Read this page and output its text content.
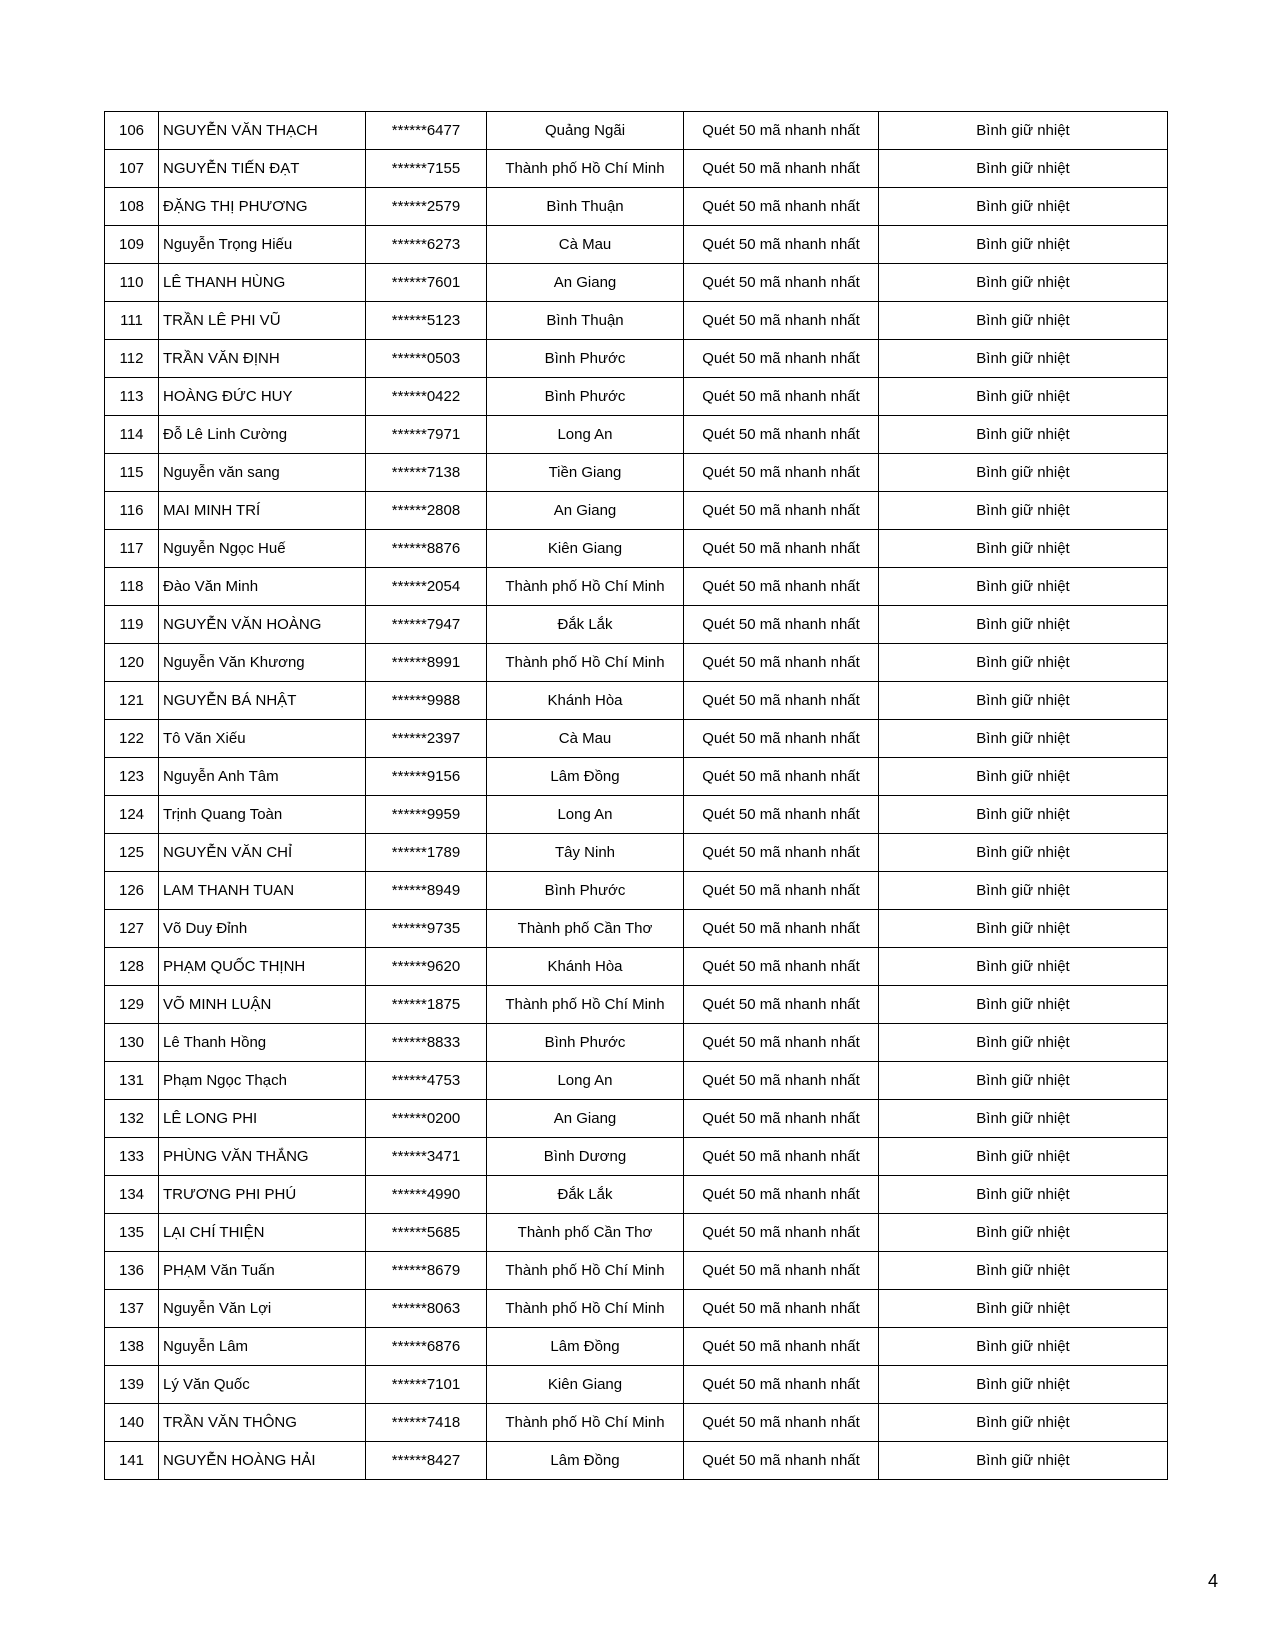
106	NGUYỄN VĂN THẠCH	******6477	Quảng Ngãi	Quét 50 mã nhanh nhất	Bình giữ nhiệt
107	NGUYỄN TIẾN ĐẠT	******7155	Thành phố Hồ Chí Minh	Quét 50 mã nhanh nhất	Bình giữ nhiệt
108	ĐẶNG THỊ PHƯƠNG	******2579	Bình Thuận	Quét 50 mã nhanh nhất	Bình giữ nhiệt
109	Nguyễn Trọng Hiếu	******6273	Cà Mau	Quét 50 mã nhanh nhất	Bình giữ nhiệt
110	LÊ THANH HÙNG	******7601	An Giang	Quét 50 mã nhanh nhất	Bình giữ nhiệt
111	TRẦN LÊ PHI VŨ	******5123	Bình Thuận	Quét 50 mã nhanh nhất	Bình giữ nhiệt
112	TRẦN VĂN ĐỊNH	******0503	Bình Phước	Quét 50 mã nhanh nhất	Bình giữ nhiệt
113	HOÀNG ĐỨC HUY	******0422	Bình Phước	Quét 50 mã nhanh nhất	Bình giữ nhiệt
114	Đỗ Lê Linh Cường	******7971	Long An	Quét 50 mã nhanh nhất	Bình giữ nhiệt
115	Nguyễn văn sang	******7138	Tiền Giang	Quét 50 mã nhanh nhất	Bình giữ nhiệt
116	MAI MINH TRÍ	******2808	An Giang	Quét 50 mã nhanh nhất	Bình giữ nhiệt
117	Nguyễn Ngọc Huế	******8876	Kiên Giang	Quét 50 mã nhanh nhất	Bình giữ nhiệt
118	Đào Văn Minh	******2054	Thành phố Hồ Chí Minh	Quét 50 mã nhanh nhất	Bình giữ nhiệt
119	NGUYỄN VĂN HOÀNG	******7947	Đắk Lắk	Quét 50 mã nhanh nhất	Bình giữ nhiệt
120	Nguyễn Văn Khương	******8991	Thành phố Hồ Chí Minh	Quét 50 mã nhanh nhất	Bình giữ nhiệt
121	NGUYỄN BÁ NHẬT	******9988	Khánh Hòa	Quét 50 mã nhanh nhất	Bình giữ nhiệt
122	Tô Văn Xiếu	******2397	Cà Mau	Quét 50 mã nhanh nhất	Bình giữ nhiệt
123	Nguyễn Anh Tâm	******9156	Lâm Đồng	Quét 50 mã nhanh nhất	Bình giữ nhiệt
124	Trịnh Quang Toàn	******9959	Long An	Quét 50 mã nhanh nhất	Bình giữ nhiệt
125	NGUYỄN VĂN CHỈ	******1789	Tây Ninh	Quét 50 mã nhanh nhất	Bình giữ nhiệt
126	LAM THANH TUAN	******8949	Bình Phước	Quét 50 mã nhanh nhất	Bình giữ nhiệt
127	Võ Duy Đỉnh	******9735	Thành phố Cần Thơ	Quét 50 mã nhanh nhất	Bình giữ nhiệt
128	PHẠM QUỐC THỊNH	******9620	Khánh Hòa	Quét 50 mã nhanh nhất	Bình giữ nhiệt
129	VÕ MINH LUẬN	******1875	Thành phố Hồ Chí Minh	Quét 50 mã nhanh nhất	Bình giữ nhiệt
130	Lê Thanh Hồng	******8833	Bình Phước	Quét 50 mã nhanh nhất	Bình giữ nhiệt
131	Phạm Ngọc Thạch	******4753	Long An	Quét 50 mã nhanh nhất	Bình giữ nhiệt
132	LÊ LONG PHI	******0200	An Giang	Quét 50 mã nhanh nhất	Bình giữ nhiệt
133	PHÙNG VĂN THẮNG	******3471	Bình Dương	Quét 50 mã nhanh nhất	Bình giữ nhiệt
134	TRƯƠNG PHI PHÚ	******4990	Đắk Lắk	Quét 50 mã nhanh nhất	Bình giữ nhiệt
135	LẠI CHÍ THIỆN	******5685	Thành phố Cần Thơ	Quét 50 mã nhanh nhất	Bình giữ nhiệt
136	PHẠM Văn Tuấn	******8679	Thành phố Hồ Chí Minh	Quét 50 mã nhanh nhất	Bình giữ nhiệt
137	Nguyễn Văn Lợi	******8063	Thành phố Hồ Chí Minh	Quét 50 mã nhanh nhất	Bình giữ nhiệt
138	Nguyễn Lâm	******6876	Lâm Đồng	Quét 50 mã nhanh nhất	Bình giữ nhiệt
139	Lý Văn Quốc	******7101	Kiên Giang	Quét 50 mã nhanh nhất	Bình giữ nhiệt
140	TRẦN VĂN THÔNG	******7418	Thành phố Hồ Chí Minh	Quét 50 mã nhanh nhất	Bình giữ nhiệt
141	NGUYỄN HOÀNG HẢI	******8427	Lâm Đồng	Quét 50 mã nhanh nhất	Bình giữ nhiệt
4
